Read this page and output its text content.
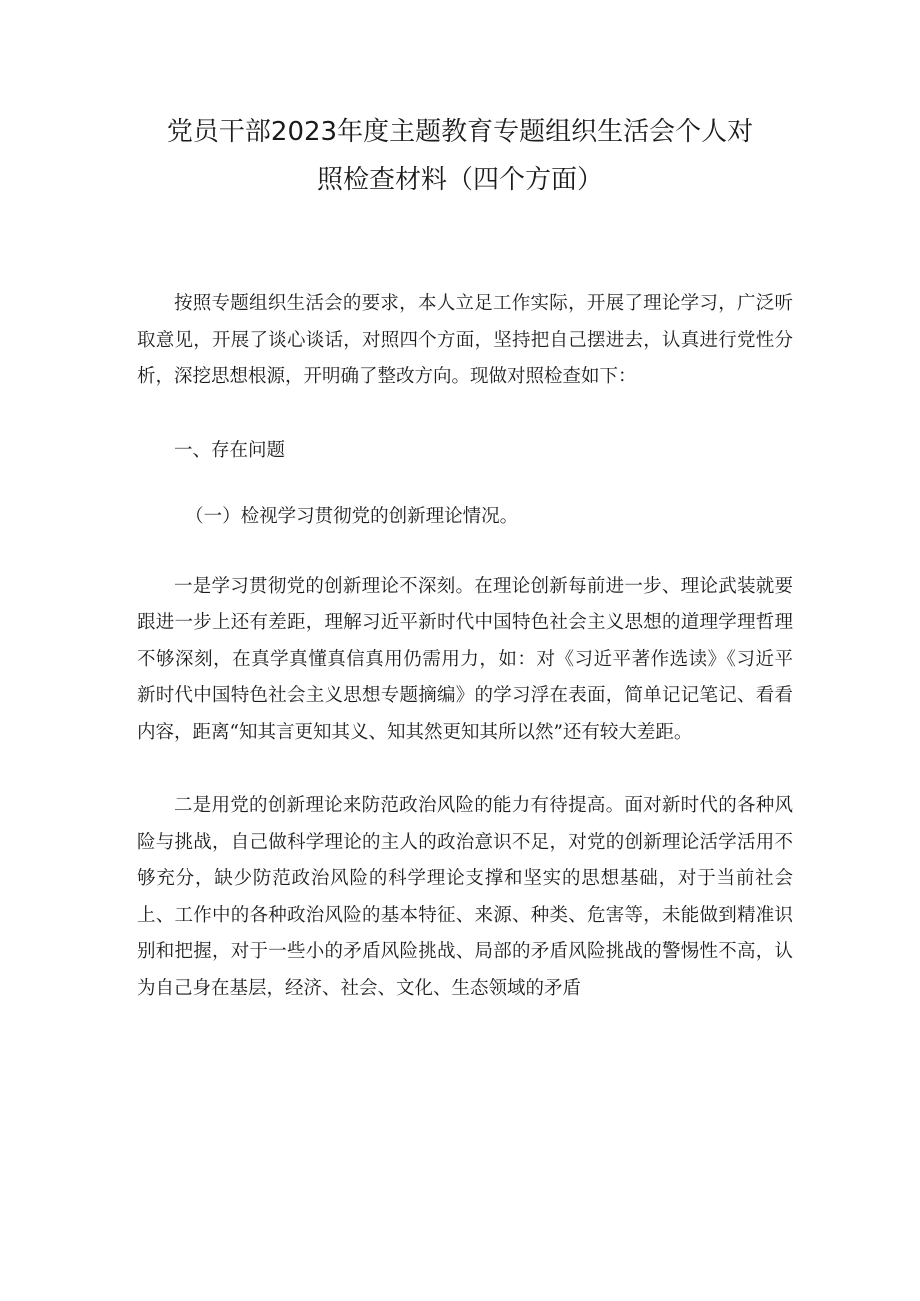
党员干部2023年度主题教育专题组织生活会个人对
照检查材料（四个方面）

按照专题组织生活会的要求，本人立足工作实际，开展了理论学习，广泛听取意见，开展了谈心谈话，对照四个方面，坚持把自己摆进去，认真进行党性分析，深挖思想根源，开明确了整改方向。现做对照检查如下：

一、存在问题

（一）检视学习贯彻党的创新理论情况。

一是学习贯彻党的创新理论不深刻。在理论创新每前进一步、理论武装就要跟进一步上还有差距，理解习近平新时代中国特色社会主义思想的道理学理哲理不够深刻，在真学真懂真信真用仍需用力，如：对《习近平著作选读》《习近平新时代中国特色社会主义思想专题摘编》的学习浮在表面，简单记记笔记、看看内容，距离“知其言更知其义、知其然更知其所以然”还有较大差距。

二是用党的创新理论来防范政治风险的能力有待提高。面对新时代的各种风险与挑战，自己做科学理论的主人的政治意识不足，对党的创新理论活学活用不够充分，缺少防范政治风险的科学理论支撑和坚实的思想基础，对于当前社会上、工作中的各种政治风险的基本特征、来源、种类、危害等，未能做到精准识别和把握，对于一些小的矛盾风险挑战、局部的矛盾风险挑战的警惕性不高，认为自己身在基层，经济、社会、文化、生态领域的矛盾
